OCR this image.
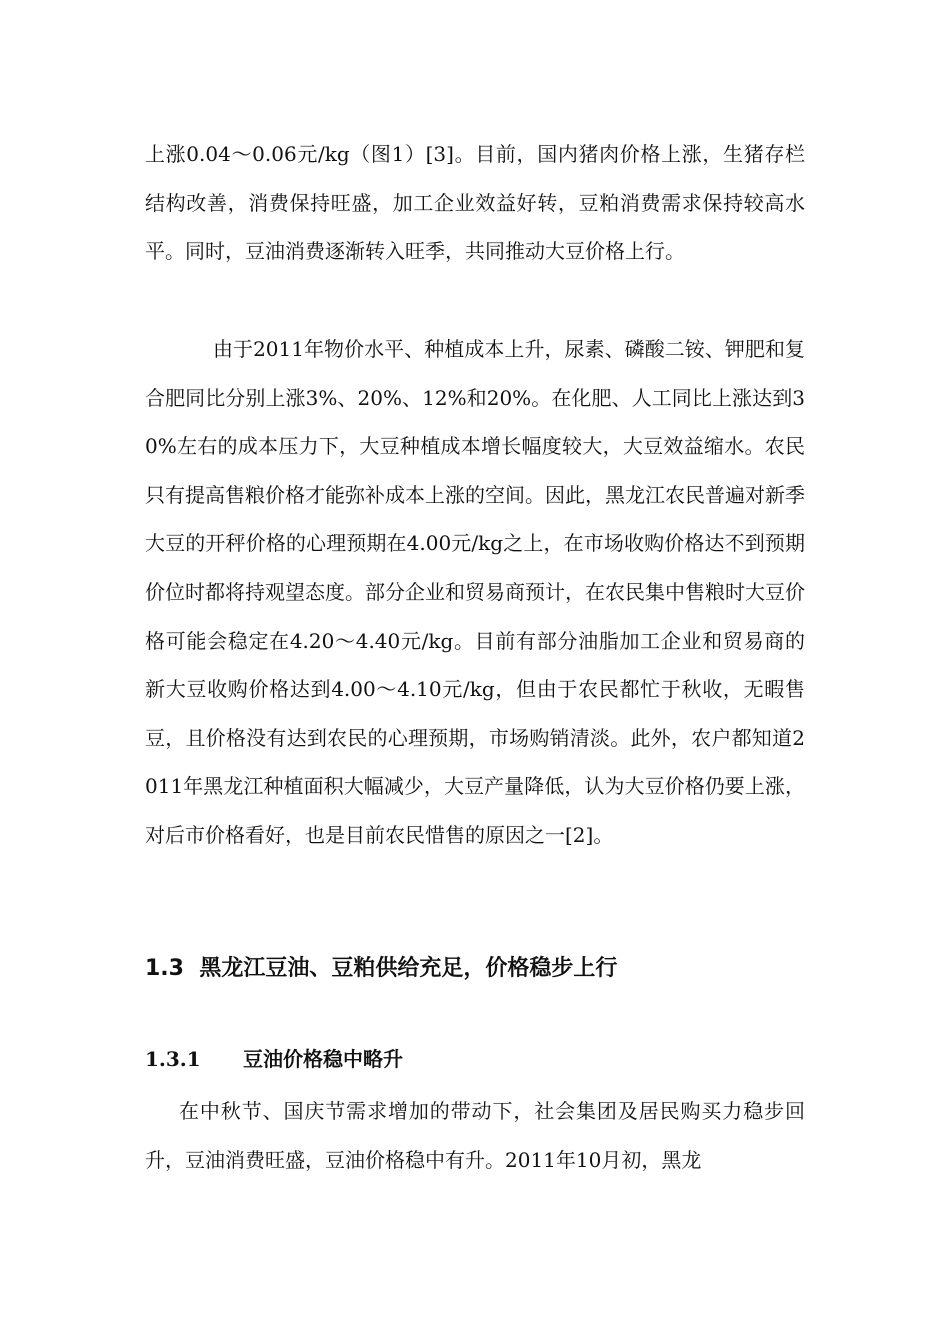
上涨0.04～0.06元/kg（图1）[3]。目前，国内猪肉价格上涨，生猪存栏结构改善，消费保持旺盛，加工企业效益好转，豆粕消费需求保持较高水平。同时，豆油消费逐渐转入旺季，共同推动大豆价格上行。

由于2011年物价水平、种植成本上升，尿素、磷酸二铵、钾肥和复合肥同比分别上涨3%、20%、12%和20%。在化肥、人工同比上涨达到30%左右的成本压力下，大豆种植成本增长幅度较大，大豆效益缩水。农民只有提高售粮价格才能弥补成本上涨的空间。因此，黑龙江农民普遍对新季大豆的开秤价格的心理预期在4.00元/kg之上，在市场收购价格达不到预期价位时都将持观望态度。部分企业和贸易商预计，在农民集中售粮时大豆价格可能会稳定在4.20～4.40元/kg。目前有部分油脂加工企业和贸易商的新大豆收购价格达到4.00～4.10元/kg，但由于农民都忙于秋收，无暇售豆，且价格没有达到农民的心理预期，市场购销清淡。此外，农户都知道2011年黑龙江种植面积大幅减少，大豆产量降低，认为大豆价格仍要上涨，对后市价格看好，也是目前农民惜售的原因之一[2]。

1.3 黑龙江豆油、豆粕供给充足，价格稳步上行
1.3.1 豆油价格稳中略升

在中秋节、国庆节需求增加的带动下，社会集团及居民购买力稳步回升，豆油消费旺盛，豆油价格稳中有升。2011年10月初，黑龙
